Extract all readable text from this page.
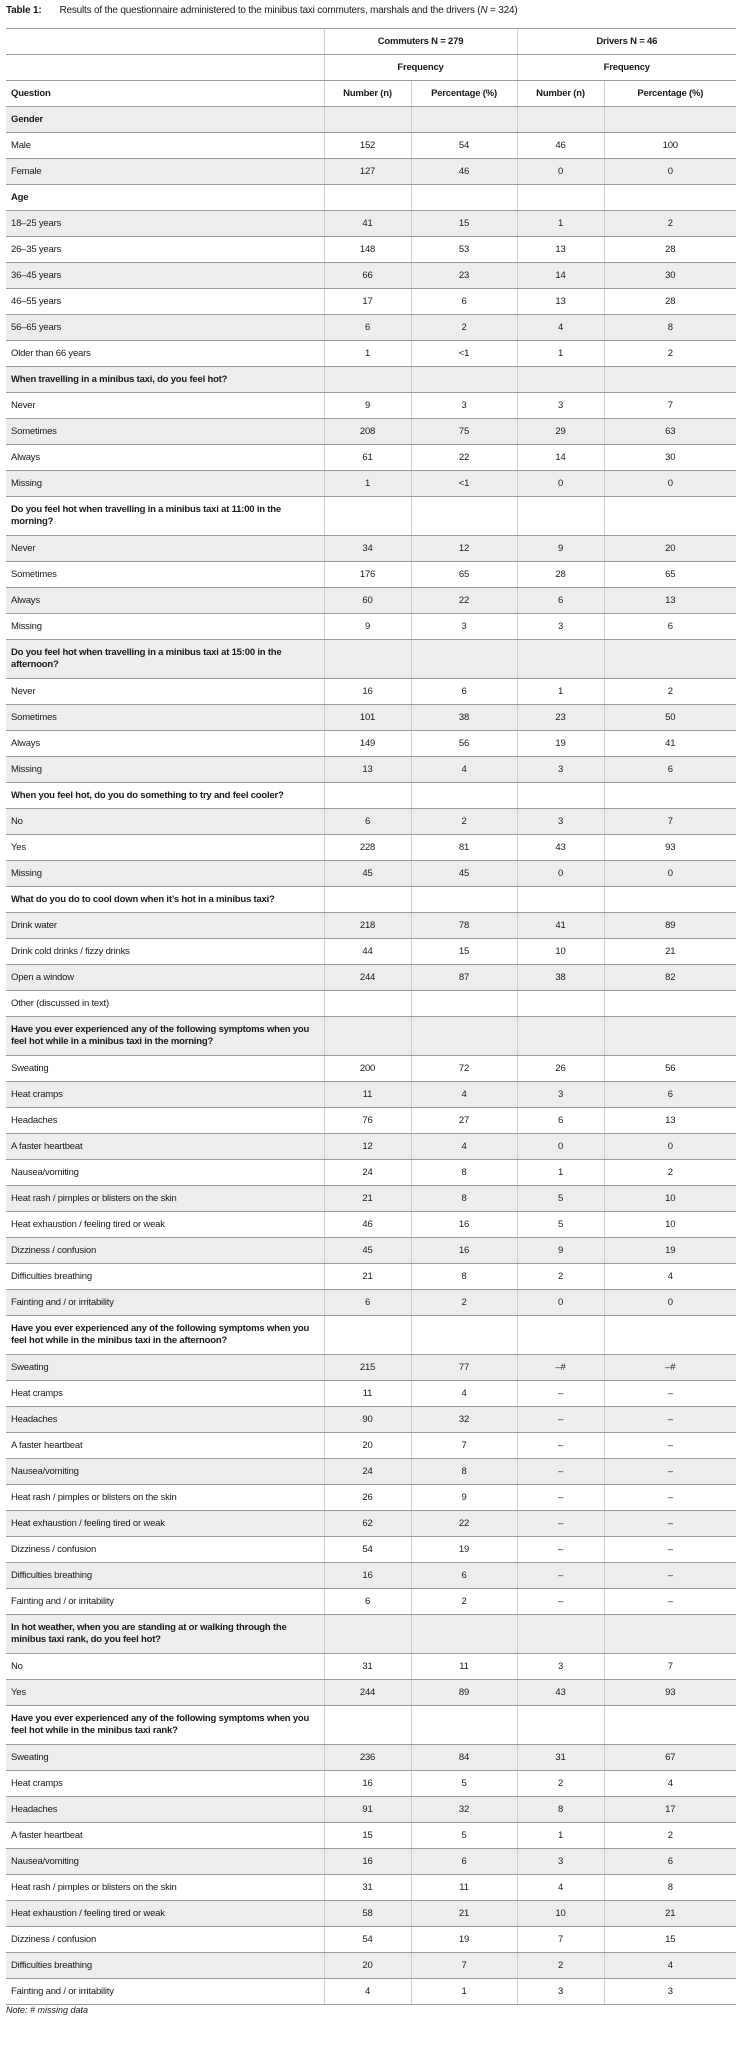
Table 1: Results of the questionnaire administered to the minibus taxi commuters, marshals and the drivers (N = 324)
	Commuters N = 279		Drivers N = 46	
	Frequency		Frequency	
Question	Number (n)	Percentage (%)	Number (n)	Percentage (%)
Gender				
Male	152	54	46	100
Female	127	46	0	0
Age				
18–25 years	41	15	1	2
26–35 years	148	53	13	28
36–45 years	66	23	14	30
46–55 years	17	6	13	28
56–65 years	6	2	4	8
Older than 66 years	1	<1	1	2
When travelling in a minibus taxi, do you feel hot?				
Never	9	3	3	7
Sometimes	208	75	29	63
Always	61	22	14	30
Missing	1	<1	0	0
Do you feel hot when travelling in a minibus taxi at 11:00 in the morning?				
Never	34	12	9	20
Sometimes	176	65	28	65
Always	60	22	6	13
Missing	9	3	3	6
Do you feel hot when travelling in a minibus taxi at 15:00 in the afternoon?				
Never	16	6	1	2
Sometimes	101	38	23	50
Always	149	56	19	41
Missing	13	4	3	6
When you feel hot, do you do something to try and feel cooler?				
No	6	2	3	7
Yes	228	81	43	93
Missing	45	45	0	0
What do you do to cool down when it’s hot in a minibus taxi?				
Drink water	218	78	41	89
Drink cold drinks / fizzy drinks	44	15	10	21
Open a window	244	87	38	82
Other (discussed in text)				
Have you ever experienced any of the following symptoms when you feel hot while in a minibus taxi in the morning?				
Sweating	200	72	26	56
Heat cramps	11	4	3	6
Headaches	76	27	6	13
A faster heartbeat	12	4	0	0
Nausea/vomiting	24	8	1	2
Heat rash / pimples or blisters on the skin	21	8	5	10
Heat exhaustion / feeling tired or weak	46	16	5	10
Dizziness / confusion	45	16	9	19
Difficulties breathing	21	8	2	4
Fainting and / or irritability	6	2	0	0
Have you ever experienced any of the following symptoms when you feel hot while in the minibus taxi in the afternoon?				
Sweating	215	77	–#	–#
Heat cramps	11	4	–	–
Headaches	90	32	–	–
A faster heartbeat	20	7	–	–
Nausea/vomiting	24	8	–	–
Heat rash / pimples or blisters on the skin	26	9	–	–
Heat exhaustion / feeling tired or weak	62	22	–	–
Dizziness / confusion	54	19	–	–
Difficulties breathing	16	6	–	–
Fainting and / or irritability	6	2	–	–
In hot weather, when you are standing at or walking through the minibus taxi rank, do you feel hot?				
No	31	11	3	7
Yes	244	89	43	93
Have you ever experienced any of the following symptoms when you feel hot while in the minibus taxi rank?				
Sweating	236	84	31	67
Heat cramps	16	5	2	4
Headaches	91	32	8	17
A faster heartbeat	15	5	1	2
Nausea/vomiting	16	6	3	6
Heat rash / pimples or blisters on the skin	31	11	4	8
Heat exhaustion / feeling tired or weak	58	21	10	21
Dizziness / confusion	54	19	7	15
Difficulties breathing	20	7	2	4
Fainting and / or irritability	4	1	3	3
Note: # missing data
